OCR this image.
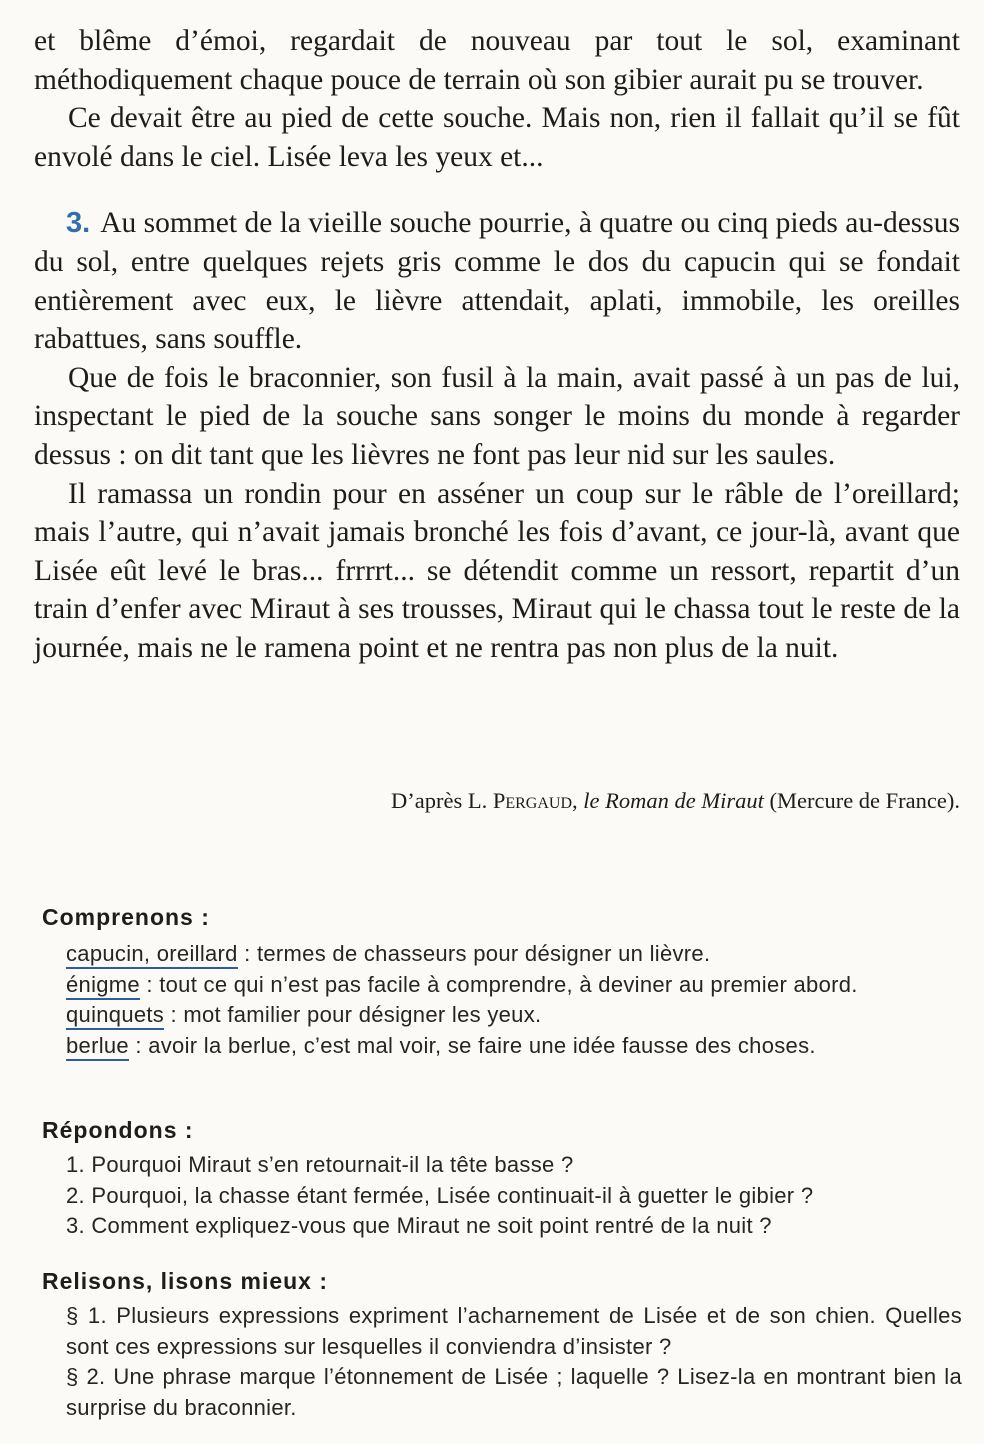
et blême d’émoi, regardait de nouveau par tout le sol, examinant méthodiquement chaque pouce de terrain où son gibier aurait pu se trouver.

Ce devait être au pied de cette souche. Mais non, rien il fallait qu’il se fût envolé dans le ciel. Lisée leva les yeux et...

3. Au sommet de la vieille souche pourrie, à quatre ou cinq pieds au-dessus du sol, entre quelques rejets gris comme le dos du capucin qui se fondait entièrement avec eux, le lièvre attendait, aplati, immobile, les oreilles rabattues, sans souffle.

Que de fois le braconnier, son fusil à la main, avait passé à un pas de lui, inspectant le pied de la souche sans songer le moins du monde à regarder dessus : on dit tant que les lièvres ne font pas leur nid sur les saules.

Il ramassa un rondin pour en asséner un coup sur le râble de l’oreillard; mais l’autre, qui n’avait jamais bronché les fois d’avant, ce jour-là, avant que Lisée eût levé le bras... frrrrt... se détendit comme un ressort, repartit d’un train d’enfer avec Miraut à ses trousses, Miraut qui le chassa tout le reste de la journée, mais ne le ramena point et ne rentra pas non plus de la nuit.

D’après L. Pergaud, le Roman de Miraut (Mercure de France).
Comprenons :

capucin, oreillard : termes de chasseurs pour désigner un lièvre.

énigme : tout ce qui n’est pas facile à comprendre, à deviner au premier abord.

quinquets : mot familier pour désigner les yeux.

berlue : avoir la berlue, c’est mal voir, se faire une idée fausse des choses.

Répondons :

1. Pourquoi Miraut s’en retournait-il la tête basse ?

2. Pourquoi, la chasse étant fermée, Lisée continuait-il à guetter le gibier ?

3. Comment expliquez-vous que Miraut ne soit point rentré de la nuit ?

Relisons, lisons mieux :

§ 1. Plusieurs expressions expriment l’acharnement de Lisée et de son chien. Quelles sont ces expressions sur lesquelles il conviendra d’insister ?

§ 2. Une phrase marque l’étonnement de Lisée ; laquelle ? Lisez-la en montrant bien la surprise du braconnier.
